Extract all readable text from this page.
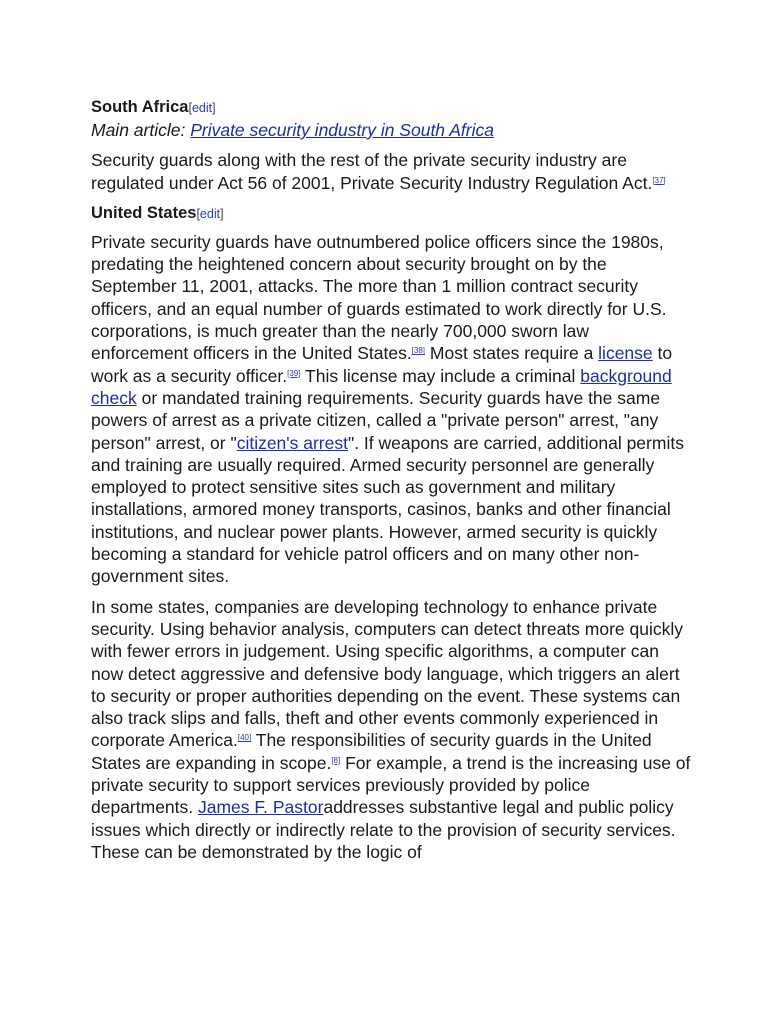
South Africa[edit]
Main article: Private security industry in South Africa

Security guards along with the rest of the private security industry are regulated under Act 56 of 2001, Private Security Industry Regulation Act.[37]

United States[edit]

Private security guards have outnumbered police officers since the 1980s, predating the heightened concern about security brought on by the September 11, 2001, attacks. The more than 1 million contract security officers, and an equal number of guards estimated to work directly for U.S. corporations, is much greater than the nearly 700,000 sworn law enforcement officers in the United States.[38] Most states require a license to work as a security officer.[39] This license may include a criminal background check or mandated training requirements. Security guards have the same powers of arrest as a private citizen, called a "private person" arrest, "any person" arrest, or "citizen's arrest". If weapons are carried, additional permits and training are usually required. Armed security personnel are generally employed to protect sensitive sites such as government and military installations, armored money transports, casinos, banks and other financial institutions, and nuclear power plants. However, armed security is quickly becoming a standard for vehicle patrol officers and on many other non-government sites.

In some states, companies are developing technology to enhance private security. Using behavior analysis, computers can detect threats more quickly with fewer errors in judgement. Using specific algorithms, a computer can now detect aggressive and defensive body language, which triggers an alert to security or proper authorities depending on the event. These systems can also track slips and falls, theft and other events commonly experienced in corporate America.[40] The responsibilities of security guards in the United States are expanding in scope.[8] For example, a trend is the increasing use of private security to support services previously provided by police departments. James F. Pastoraddresses substantive legal and public policy issues which directly or indirectly relate to the provision of security services. These can be demonstrated by the logic of
